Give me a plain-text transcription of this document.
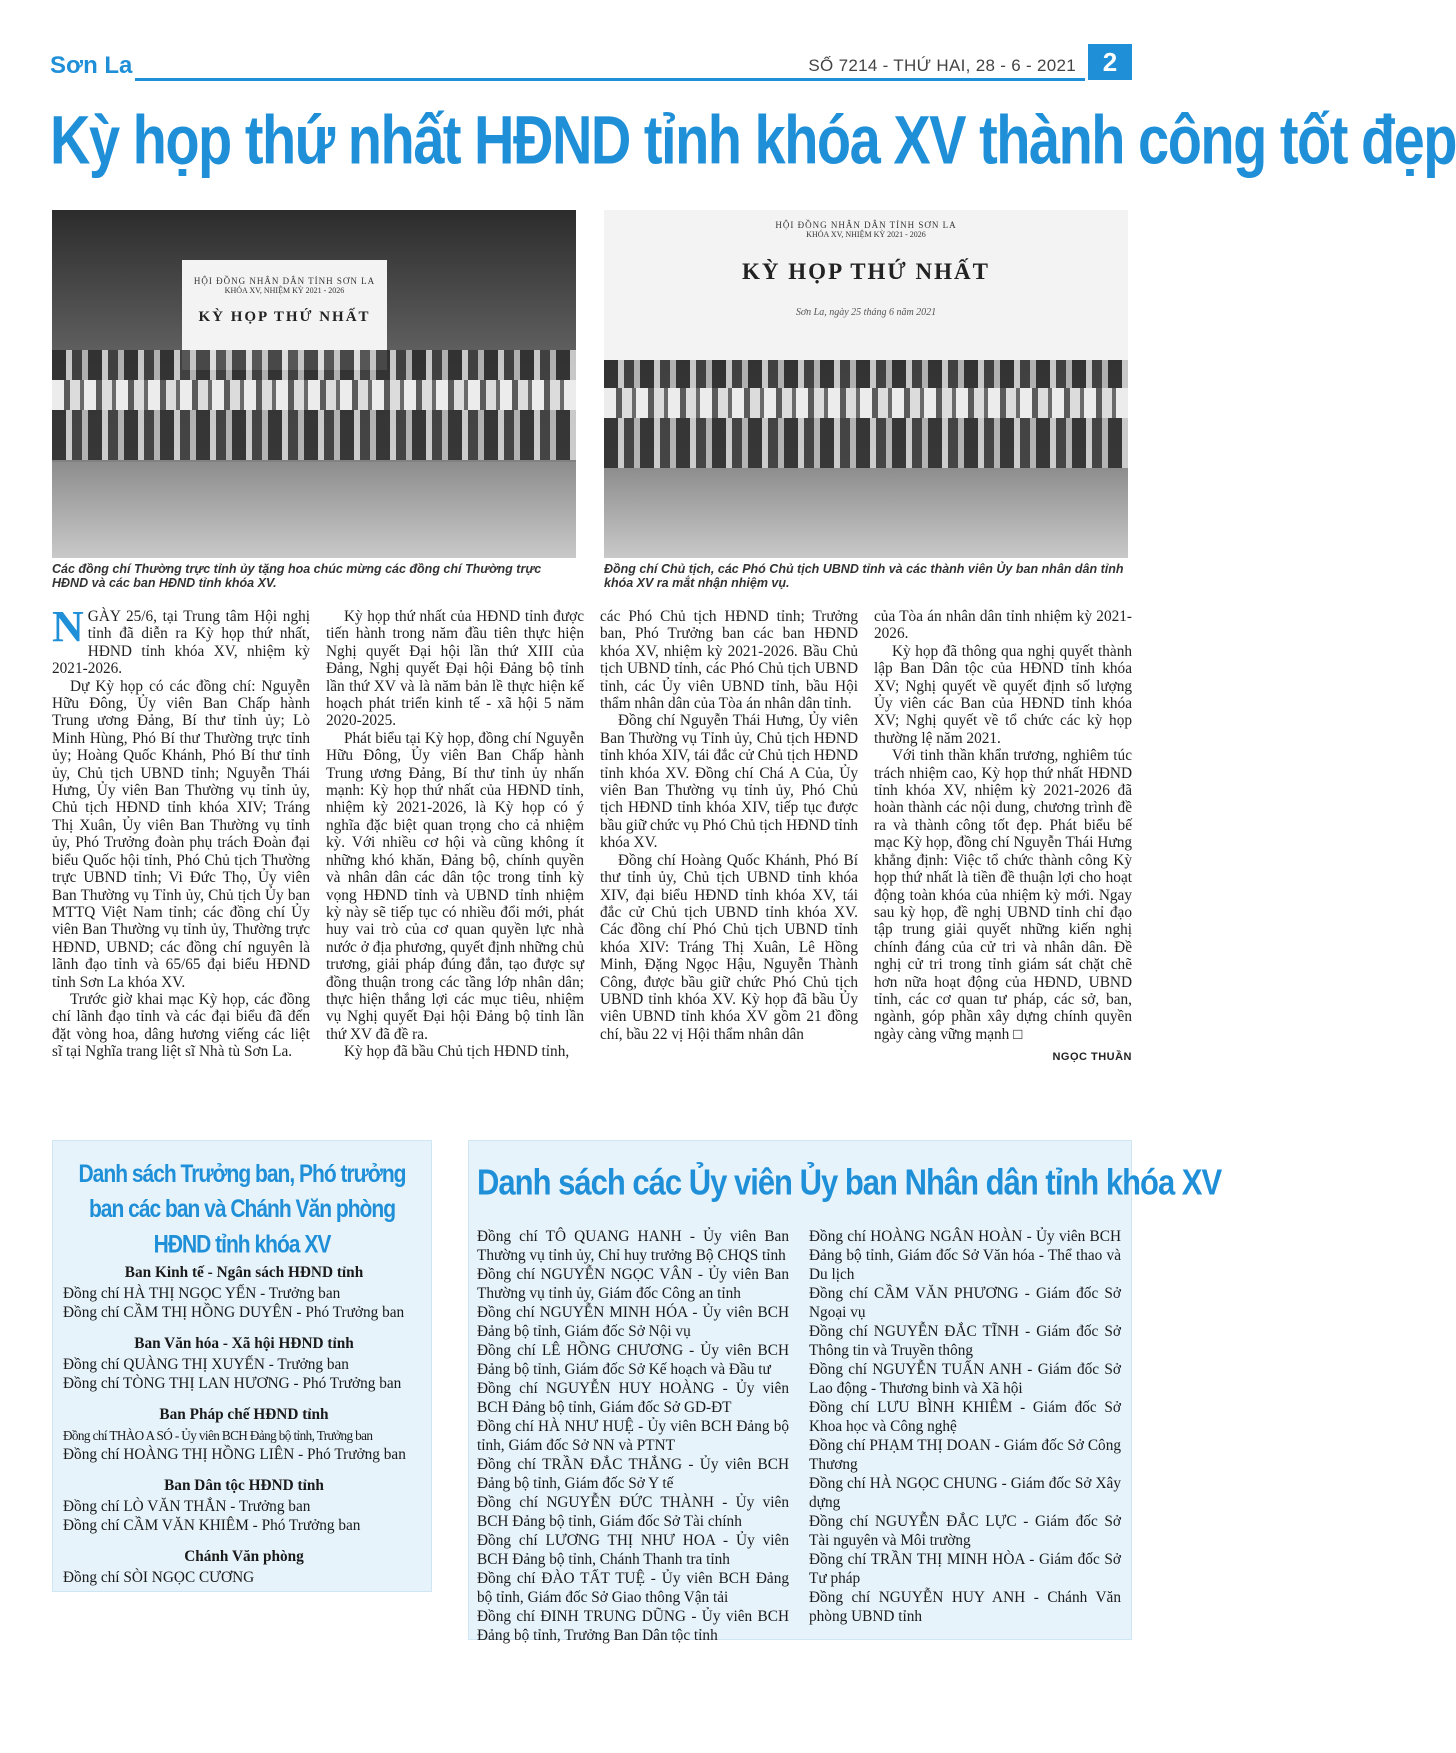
Sơn La	SỐ 7214 - THỨ HAI, 28 - 6 - 2021	2
Kỳ họp thứ nhất HĐND tỉnh khóa XV thành công tốt đẹp
HỘI ĐỒNG NHÂN DÂN TỈNH SƠN LA
KHÓA XV, NHIỆM KỲ 2021 - 2026
KỲ HỌP THỨ NHẤT
HỘI ĐỒNG NHÂN DÂN TỈNH SƠN LA
KHÓA XV, NHIỆM KỲ 2021 - 2026
KỲ HỌP THỨ NHẤT
Sơn La, ngày 25 tháng 6 năm 2021
Các đồng chí Thường trực tỉnh ủy tặng hoa chúc mừng các đồng chí Thường trực HĐND và các ban HĐND tỉnh khóa XV.
Đồng chí Chủ tịch, các Phó Chủ tịch UBND tỉnh và các thành viên Ủy ban nhân dân tỉnh khóa XV ra mắt nhận nhiệm vụ.

NGÀY 25/6, tại Trung tâm Hội nghị tỉnh đã diễn ra Kỳ họp thứ nhất, HĐND tỉnh khóa XV, nhiệm kỳ 2021-2026.

Dự Kỳ họp có các đồng chí: Nguyễn Hữu Đông, Ủy viên Ban Chấp hành Trung ương Đảng, Bí thư tỉnh ủy; Lò Minh Hùng, Phó Bí thư Thường trực tỉnh ủy; Hoàng Quốc Khánh, Phó Bí thư tỉnh ủy, Chủ tịch UBND tỉnh; Nguyễn Thái Hưng, Ủy viên Ban Thường vụ tỉnh ủy, Chủ tịch HĐND tỉnh khóa XIV; Tráng Thị Xuân, Ủy viên Ban Thường vụ tỉnh ủy, Phó Trưởng đoàn phụ trách Đoàn đại biểu Quốc hội tỉnh, Phó Chủ tịch Thường trực UBND tỉnh; Vi Đức Thọ, Ủy viên Ban Thường vụ Tỉnh ủy, Chủ tịch Ủy ban MTTQ Việt Nam tỉnh; các đồng chí Ủy viên Ban Thường vụ tỉnh ủy, Thường trực HĐND, UBND; các đồng chí nguyên là lãnh đạo tỉnh và 65/65 đại biểu HĐND tỉnh Sơn La khóa XV.

Trước giờ khai mạc Kỳ họp, các đồng chí lãnh đạo tỉnh và các đại biểu đã đến đặt vòng hoa, dâng hương viếng các liệt sĩ tại Nghĩa trang liệt sĩ Nhà tù Sơn La.

Kỳ họp thứ nhất của HĐND tỉnh được tiến hành trong năm đầu tiên thực hiện Nghị quyết Đại hội lần thứ XIII của Đảng, Nghị quyết Đại hội Đảng bộ tỉnh lần thứ XV và là năm bản lề thực hiện kế hoạch phát triển kinh tế - xã hội 5 năm 2020-2025.

Phát biểu tại Kỳ họp, đồng chí Nguyễn Hữu Đông, Ủy viên Ban Chấp hành Trung ương Đảng, Bí thư tỉnh ủy nhấn mạnh: Kỳ họp thứ nhất của HĐND tỉnh, nhiệm kỳ 2021-2026, là Kỳ họp có ý nghĩa đặc biệt quan trọng cho cả nhiệm kỳ. Với nhiều cơ hội và cũng không ít những khó khăn, Đảng bộ, chính quyền và nhân dân các dân tộc trong tỉnh kỳ vọng HĐND tỉnh và UBND tỉnh nhiệm kỳ này sẽ tiếp tục có nhiều đổi mới, phát huy vai trò của cơ quan quyền lực nhà nước ở địa phương, quyết định những chủ trương, giải pháp đúng đắn, tạo được sự đồng thuận trong các tầng lớp nhân dân; thực hiện thắng lợi các mục tiêu, nhiệm vụ Nghị quyết Đại hội Đảng bộ tỉnh lần thứ XV đã đề ra.

Kỳ họp đã bầu Chủ tịch HĐND tỉnh,

các Phó Chủ tịch HĐND tỉnh; Trưởng ban, Phó Trưởng ban các ban HĐND khóa XV, nhiệm kỳ 2021-2026. Bầu Chủ tịch UBND tỉnh, các Phó Chủ tịch UBND tỉnh, các Ủy viên UBND tỉnh, bầu Hội thẩm nhân dân của Tòa án nhân dân tỉnh.

Đồng chí Nguyễn Thái Hưng, Ủy viên Ban Thường vụ Tỉnh ủy, Chủ tịch HĐND tỉnh khóa XIV, tái đắc cử Chủ tịch HĐND tỉnh khóa XV. Đồng chí Chá A Của, Ủy viên Ban Thường vụ tỉnh ủy, Phó Chủ tịch HĐND tỉnh khóa XIV, tiếp tục được bầu giữ chức vụ Phó Chủ tịch HĐND tỉnh khóa XV.

Đồng chí Hoàng Quốc Khánh, Phó Bí thư tỉnh ủy, Chủ tịch UBND tỉnh khóa XIV, đại biểu HĐND tỉnh khóa XV, tái đắc cử Chủ tịch UBND tỉnh khóa XV. Các đồng chí Phó Chủ tịch UBND tỉnh khóa XIV: Tráng Thị Xuân, Lê Hồng Minh, Đặng Ngọc Hậu, Nguyễn Thành Công, được bầu giữ chức Phó Chủ tịch UBND tỉnh khóa XV. Kỳ họp đã bầu Ủy viên UBND tỉnh khóa XV gồm 21 đồng chí, bầu 22 vị Hội thẩm nhân dân

của Tòa án nhân dân tỉnh nhiệm kỳ 2021-2026.

Kỳ họp đã thông qua nghị quyết thành lập Ban Dân tộc của HĐND tỉnh khóa XV; Nghị quyết về quyết định số lượng Ủy viên các Ban của HĐND tỉnh khóa XV; Nghị quyết về tổ chức các kỳ họp thường lệ năm 2021.

Với tinh thần khẩn trương, nghiêm túc trách nhiệm cao, Kỳ họp thứ nhất HĐND tỉnh khóa XV, nhiệm kỳ 2021-2026 đã hoàn thành các nội dung, chương trình đề ra và thành công tốt đẹp. Phát biểu bế mạc Kỳ họp, đồng chí Nguyễn Thái Hưng khẳng định: Việc tổ chức thành công Kỳ họp thứ nhất là tiền đề thuận lợi cho hoạt động toàn khóa của nhiệm kỳ mới. Ngay sau kỳ họp, đề nghị UBND tỉnh chỉ đạo tập trung giải quyết những kiến nghị chính đáng của cử tri và nhân dân. Đề nghị cử tri trong tỉnh giám sát chặt chẽ hơn nữa hoạt động của HĐND, UBND tỉnh, các cơ quan tư pháp, các sở, ban, ngành, góp phần xây dựng chính quyền ngày càng vững mạnh □

NGỌC THUẦN
Danh sách Trưởng ban, Phó trưởng ban các ban và Chánh Văn phòng HĐND tỉnh khóa XV
Ban Kinh tế - Ngân sách HĐND tỉnh
Đồng chí HÀ THỊ NGỌC YẾN - Trưởng ban
Đồng chí CẦM THỊ HỒNG DUYÊN - Phó Trưởng ban
Ban Văn hóa - Xã hội HĐND tỉnh
Đồng chí QUÀNG THỊ XUYẾN - Trưởng ban
Đồng chí TÒNG THỊ LAN HƯƠNG - Phó Trưởng ban
Ban Pháp chế HĐND tỉnh
Đồng chí THÀO A SÓ - Ủy viên BCH Đảng bộ tỉnh, Trưởng ban
Đồng chí HOÀNG THỊ HỒNG LIÊN - Phó Trưởng ban
Ban Dân tộc HĐND tỉnh
Đồng chí LÒ VĂN THẮN - Trưởng ban
Đồng chí CẦM VĂN KHIÊM - Phó Trưởng ban
Chánh Văn phòng
Đồng chí SÒI NGỌC CƯƠNG
Danh sách các Ủy viên Ủy ban Nhân dân tỉnh khóa XV
Đồng chí TÔ QUANG HANH - Ủy viên Ban Thường vụ tỉnh ủy, Chỉ huy trưởng Bộ CHQS tỉnh
Đồng chí NGUYỄN NGỌC VÂN - Ủy viên Ban Thường vụ tỉnh ủy, Giám đốc Công an tỉnh
Đồng chí NGUYỄN MINH HÓA - Ủy viên BCH Đảng bộ tỉnh, Giám đốc Sở Nội vụ
Đồng chí LÊ HỒNG CHƯƠNG - Ủy viên BCH Đảng bộ tỉnh, Giám đốc Sở Kế hoạch và Đầu tư
Đồng chí NGUYỄN HUY HOÀNG - Ủy viên BCH Đảng bộ tỉnh, Giám đốc Sở GD-ĐT
Đồng chí HÀ NHƯ HUỆ - Ủy viên BCH Đảng bộ tỉnh, Giám đốc Sở NN và PTNT
Đồng chí TRẦN ĐẮC THẮNG - Ủy viên BCH Đảng bộ tỉnh, Giám đốc Sở Y tế
Đồng chí NGUYỄN ĐỨC THÀNH - Ủy viên BCH Đảng bộ tỉnh, Giám đốc Sở Tài chính
Đồng chí LƯƠNG THỊ NHƯ HOA - Ủy viên BCH Đảng bộ tỉnh, Chánh Thanh tra tỉnh
Đồng chí ĐÀO TẤT TUỆ - Ủy viên BCH Đảng bộ tỉnh, Giám đốc Sở Giao thông Vận tải
Đồng chí ĐINH TRUNG DŨNG - Ủy viên BCH Đảng bộ tỉnh, Trưởng Ban Dân tộc tỉnh
Đồng chí HOÀNG NGÂN HOÀN - Ủy viên BCH Đảng bộ tỉnh, Giám đốc Sở Văn hóa - Thể thao và Du lịch
Đồng chí CẦM VĂN PHƯƠNG - Giám đốc Sở Ngoại vụ
Đồng chí NGUYỄN ĐẮC TĨNH - Giám đốc Sở Thông tin và Truyền thông
Đồng chí NGUYỄN TUẤN ANH - Giám đốc Sở Lao động - Thương binh và Xã hội
Đồng chí LƯU BÌNH KHIÊM - Giám đốc Sở Khoa học và Công nghệ
Đồng chí PHẠM THỊ DOAN - Giám đốc Sở Công Thương
Đồng chí HÀ NGỌC CHUNG - Giám đốc Sở Xây dựng
Đồng chí NGUYỄN ĐẮC LỰC - Giám đốc Sở Tài nguyên và Môi trường
Đồng chí TRẦN THỊ MINH HÒA - Giám đốc Sở Tư pháp
Đồng chí NGUYỄN HUY ANH - Chánh Văn phòng UBND tỉnh
